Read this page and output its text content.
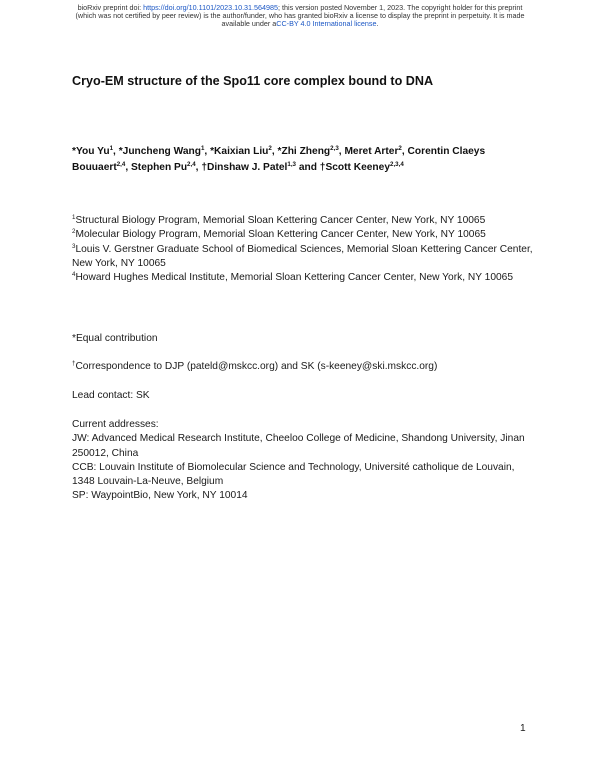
bioRxiv preprint doi: https://doi.org/10.1101/2023.10.31.564985; this version posted November 1, 2023. The copyright holder for this preprint
(which was not certified by peer review) is the author/funder, who has granted bioRxiv a license to display the preprint in perpetuity. It is made
available under aCC-BY 4.0 International license.
Cryo-EM structure of the Spo11 core complex bound to DNA
*You Yu$^1$, *Juncheng Wang$^1$, *Kaixian Liu$^2$, *Zhi Zheng$^{2,3}$, Meret Arter$^2$, Corentin Claeys Bouuaert$^{2,4}$, Stephen Pu$^{2,4}$, †Dinshaw J. Patel$^{1,3}$ and †Scott Keeney$^{2,3,4}$

$^1$Structural Biology Program, Memorial Sloan Kettering Cancer Center, New York, NY 10065

$^2$Molecular Biology Program, Memorial Sloan Kettering Cancer Center, New York, NY 10065

$^3$Louis V. Gerstner Graduate School of Biomedical Sciences, Memorial Sloan Kettering Cancer Center, New York, NY 10065

$^4$Howard Hughes Medical Institute, Memorial Sloan Kettering Cancer Center, New York, NY 10065

*Equal contribution

†Correspondence to DJP (pateld@mskcc.org) and SK (s-keeney@ski.mskcc.org)

Lead contact: SK

Current addresses:

JW: Advanced Medical Research Institute, Cheeloo College of Medicine, Shandong University, Jinan 250012, China

CCB: Louvain Institute of Biomolecular Science and Technology, Université catholique de Louvain, 1348 Louvain-La-Neuve, Belgium

SP: WaypointBio, New York, NY 10014

1
